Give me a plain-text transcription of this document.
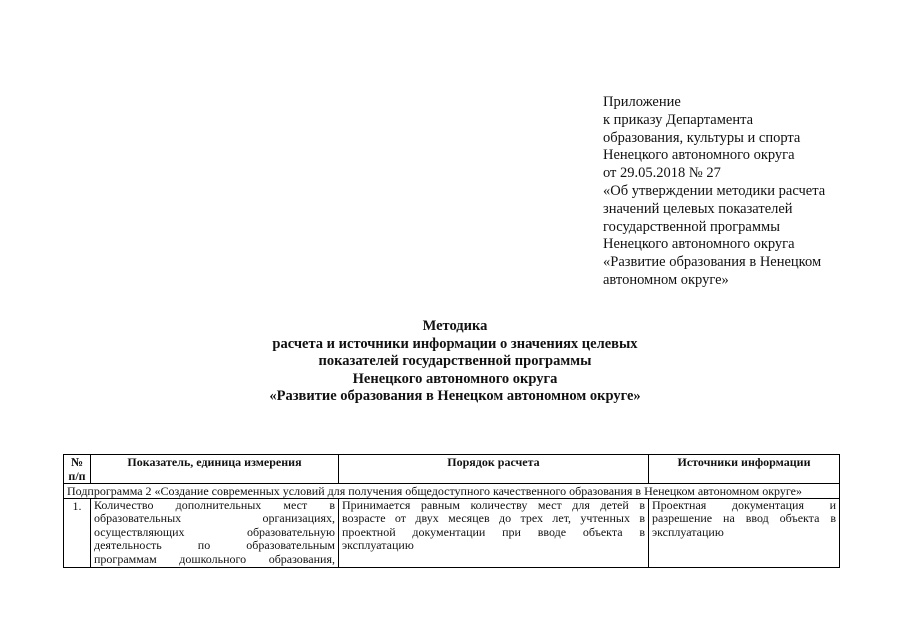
Приложение
к приказу Департамента
образования, культуры и спорта
Ненецкого автономного округа
от 29.05.2018 № 27
«Об утверждении методики расчета
значений целевых показателей
государственной программы
Ненецкого автономного округа
«Развитие образования в Ненецком
автономном округе»
Методика
расчета и источники информации о значениях целевых
показателей государственной программы
Ненецкого автономного округа
«Развитие образования в Ненецком автономном округе»
№
п/п	Показатель, единица измерения	Порядок расчета	Источники информации
Подпрограмма 2 «Создание современных условий для получения общедоступного качественного образования в Ненецком автономном округе»			
1.	Количество дополнительных мест в
образовательных организациях,
осуществляющих образовательную
деятельность по образовательным
программам дошкольного образования,	Принимается равным количеству мест для детей в
возрасте от двух месяцев до трех лет, учтенных в
проектной документации при вводе объекта в
эксплуатацию	Проектная документация и
разрешение на ввод объекта в
эксплуатацию
